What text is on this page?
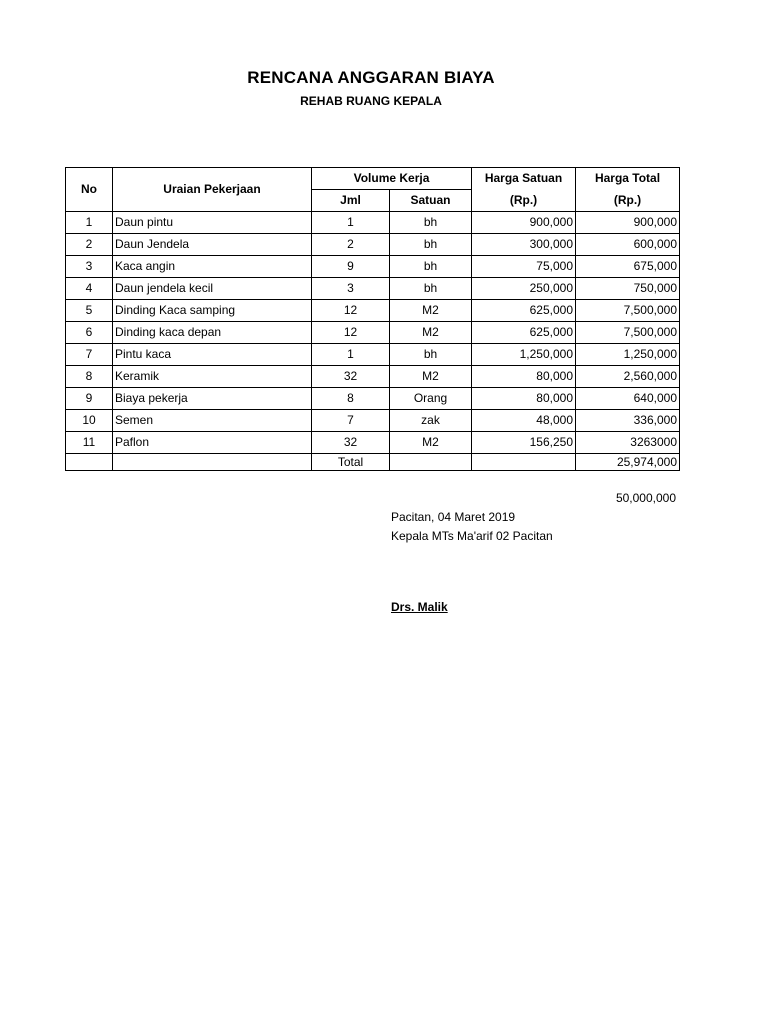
RENCANA ANGGARAN BIAYA
REHAB RUANG KEPALA
No	Uraian Pekerjaan	Volume Kerja		Harga Satuan	Harga Total
		Jml	Satuan	(Rp.)	(Rp.)
1	Daun pintu	1	bh	900,000	900,000
2	Daun Jendela	2	bh	300,000	600,000
3	Kaca angin	9	bh	75,000	675,000
4	Daun jendela kecil	3	bh	250,000	750,000
5	Dinding Kaca samping	12	M2	625,000	7,500,000
6	Dinding kaca depan	12	M2	625,000	7,500,000
7	Pintu kaca	1	bh	1,250,000	1,250,000
8	Keramik	32	M2	80,000	2,560,000
9	Biaya pekerja	8	Orang	80,000	640,000
10	Semen	7	zak	48,000	336,000
11	Paflon	32	M2	156,250	3263000
		Total			25,974,000
50,000,000
Pacitan, 04 Maret 2019
Kepala MTs Ma'arif 02 Pacitan
Drs. Malik
